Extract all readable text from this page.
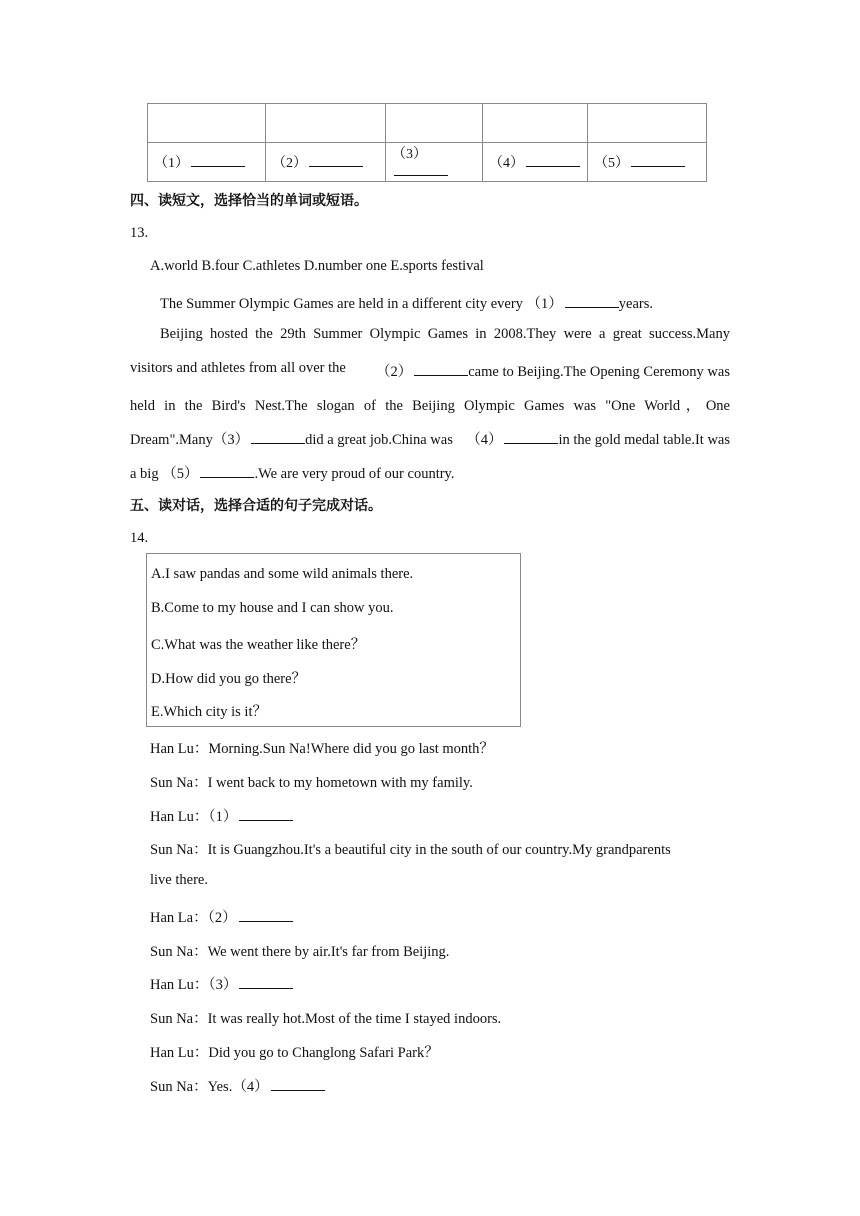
（1）	（2）	（3）	（4）	（5）
四、读短文，选择恰当的单词或短语。
13.
A.world B.four C.athletes D.number one E.sports festival
The Summer Olympic Games are held in a different city every （1）	years.
Beijing hosted the 29th Summer Olympic Games in 2008.They were a great success.Many
visitors and athletes from all over the （2）	came to Beijing.The Opening Ceremony was
held in the Bird's Nest.The slogan of the Beijing Olympic Games was "One World，One
Dream".Many（3）	did a great job.China was （4）	in the gold medal table.It was
a big （5）	.We are very proud of our country.
五、读对话，选择合适的句子完成对话。
14.
A.I saw pandas and some wild animals there.
B.Come to my house and I can show you.
C.What was the weather like there？
D.How did you go there？
E.Which city is it？
Han Lu：Morning.Sun Na!Where did you go last month？
Sun Na：I went back to my hometown with my family.
Han Lu：（1）
Sun Na：It is Guangzhou.It's a beautiful city in the south of our country.My grandparents
live there.
Han La：（2）
Sun Na：We went there by air.It's far from Beijing.
Han Lu：（3）
Sun Na：It was really hot.Most of the time I stayed indoors.
Han Lu：Did you go to Changlong Safari Park？
Sun Na：Yes.（4）
